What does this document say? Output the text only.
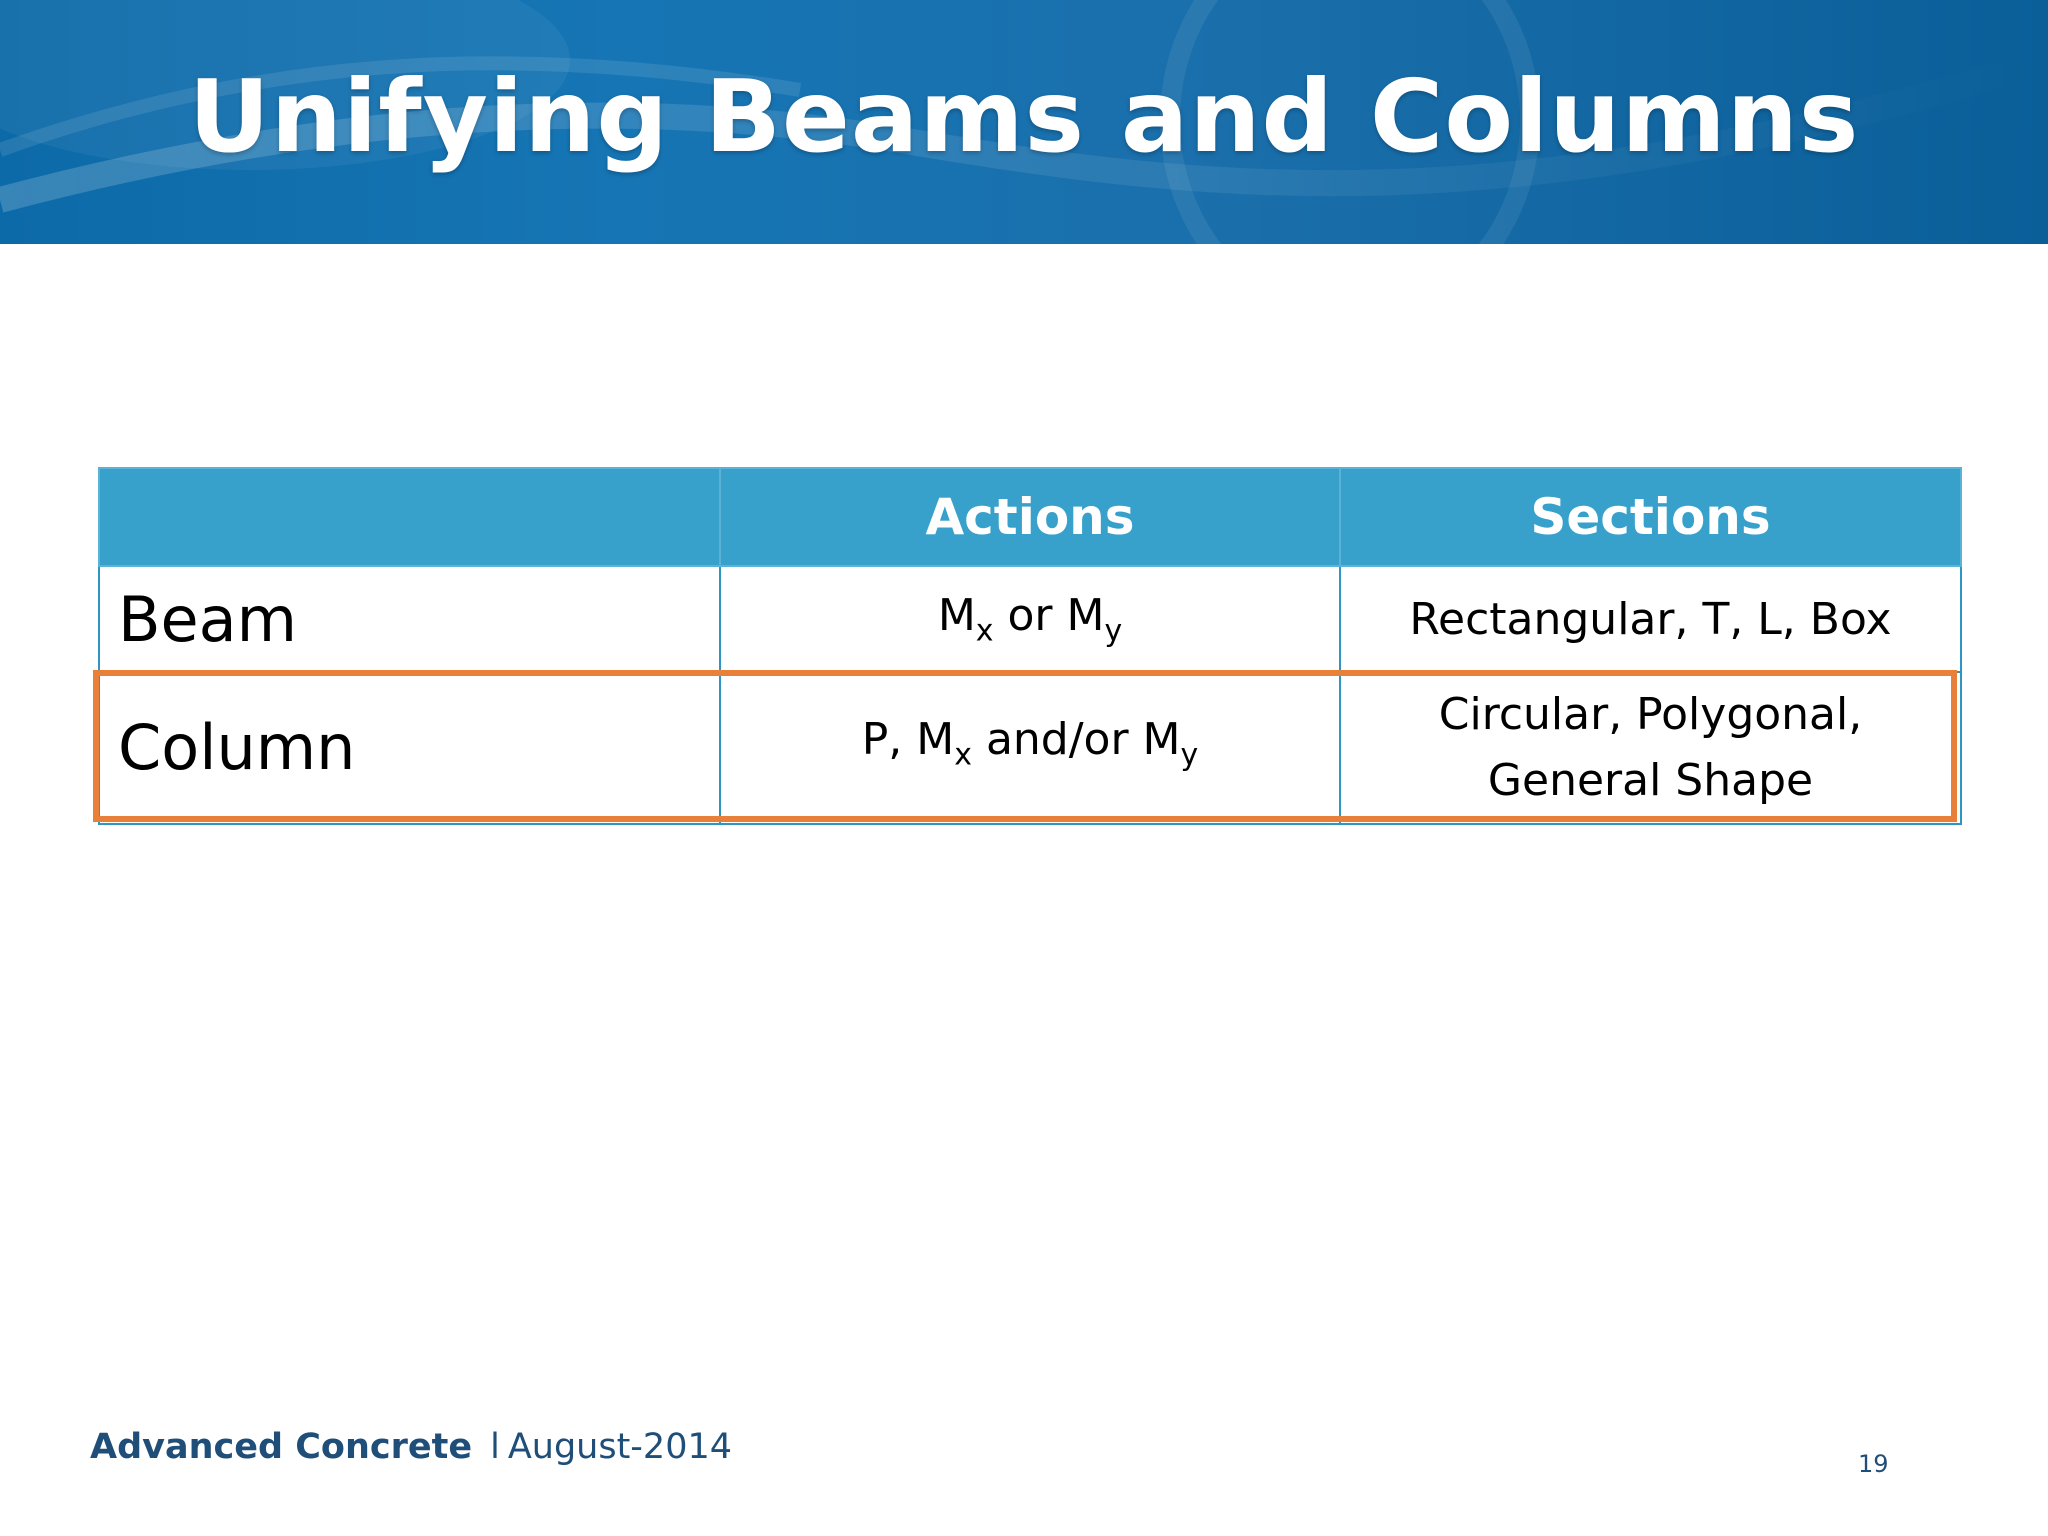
Unifying Beams and Columns
	Actions	Sections
Beam	$M_x$ or $M_y$	Rectangular, T, L, Box
Column	P, $M_x$ and/or $M_y$	Circular, Polygonal,
General Shape
Advanced Concrete l August-2014	19
